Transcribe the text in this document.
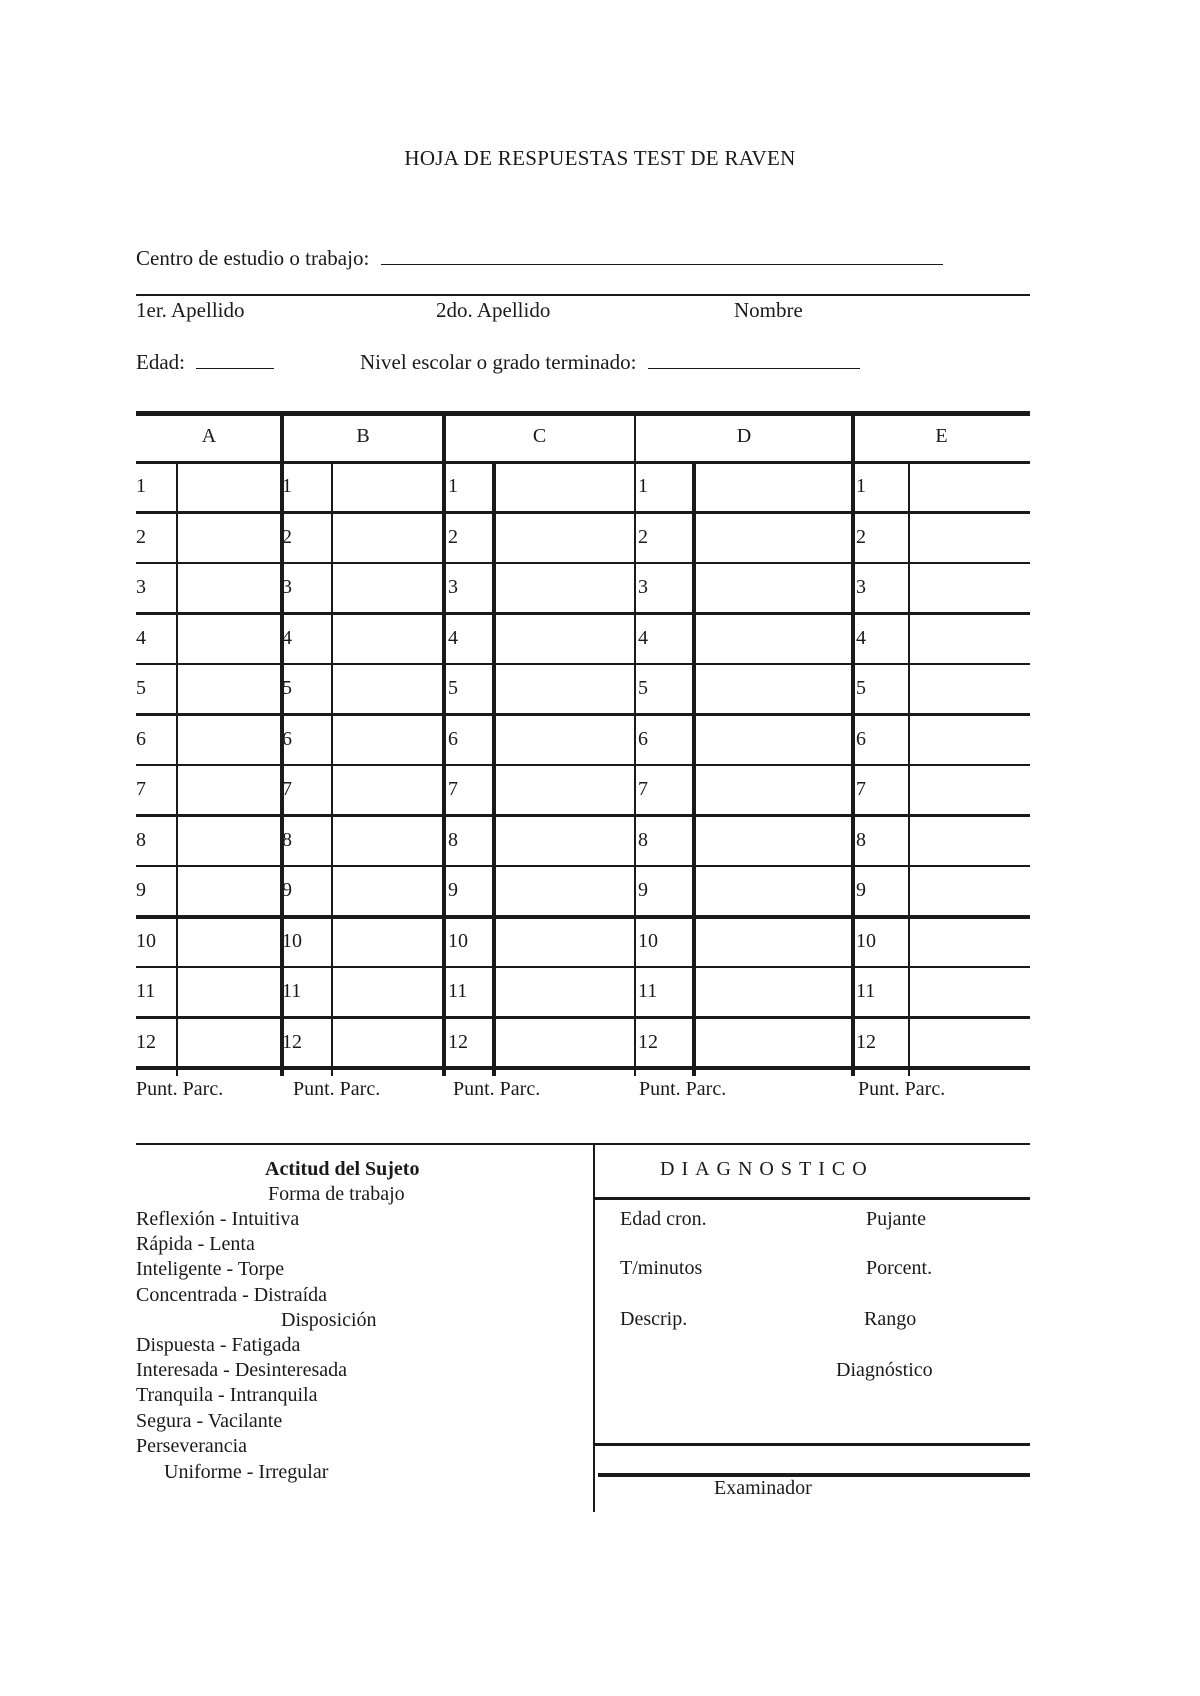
HOJA DE RESPUESTAS TEST DE RAVEN
Centro de estudio o trabajo:
1er. Apellido	2do. Apellido	Nombre
Edad:	Nivel escolar o grado terminado:
A	B	C	D	E
1	1	1	1	1
2	2	2	2	2
3	3	3	3	3
4	4	4	4	4
5	5	5	5	5
6	6	6	6	6
7	7	7	7	7
8	8	8	8	8
9	9	9	9	9
10	10	10	10	10
11	11	11	11	11
12	12	12	12	12
Punt. Parc.	Punt. Parc.	Punt. Parc.	Punt. Parc.	Punt. Parc.
Actitud del Sujeto
Forma de trabajo
Reflexión - Intuitiva
Rápida - Lenta
Inteligente - Torpe
Concentrada - Distraída
Disposición
Dispuesta - Fatigada
Interesada - Desinteresada
Tranquila - Intranquila
Segura - Vacilante
Perseverancia
Uniforme - Irregular
DIAGNOSTICO
Edad cron.	Pujante
T/minutos	Porcent.
Descrip.	Rango
Diagnóstico
Examinador
